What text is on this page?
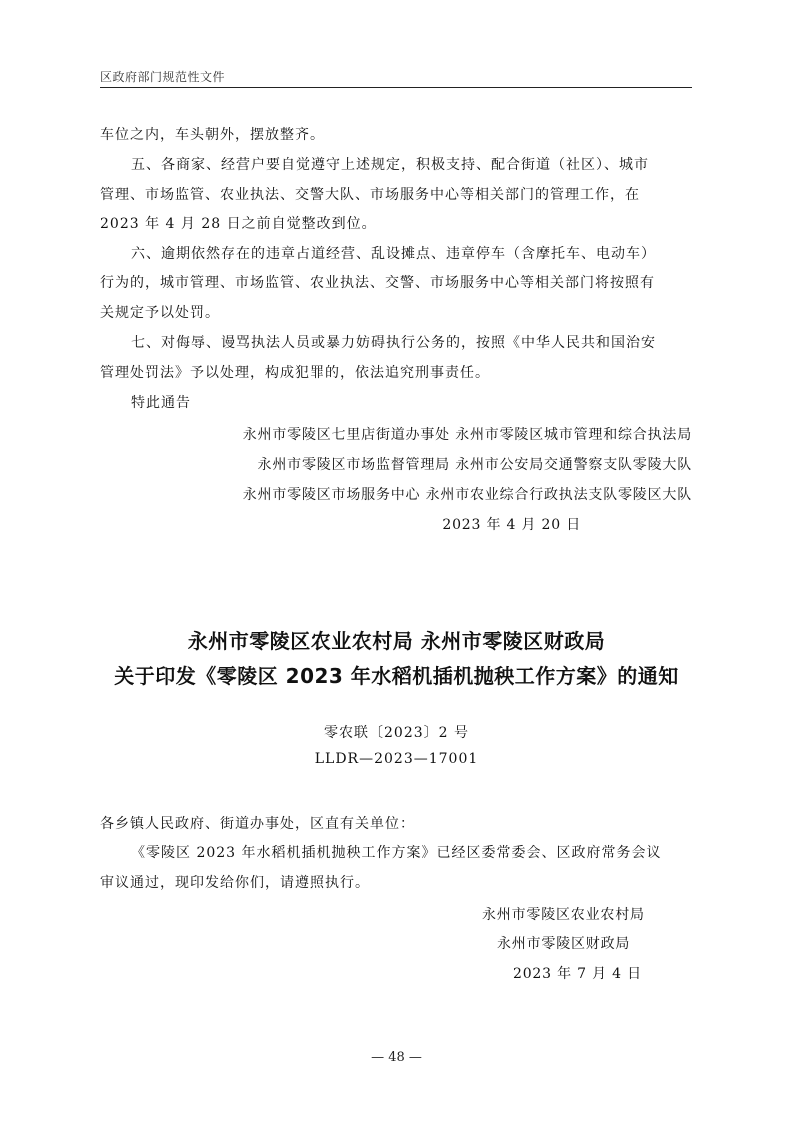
区政府部门规范性文件
车位之内，车头朝外，摆放整齐。
五、各商家、经营户要自觉遵守上述规定，积极支持、配合街道（社区）、城市
管理、市场监管、农业执法、交警大队、市场服务中心等相关部门的管理工作，在
2023 年 4 月 28 日之前自觉整改到位。
六、逾期依然存在的违章占道经营、乱设摊点、违章停车（含摩托车、电动车）
行为的，城市管理、市场监管、农业执法、交警、市场服务中心等相关部门将按照有
关规定予以处罚。
七、对侮辱、谩骂执法人员或暴力妨碍执行公务的，按照《中华人民共和国治安
管理处罚法》予以处理，构成犯罪的，依法追究刑事责任。
特此通告
永州市零陵区七里店街道办事处 永州市零陵区城市管理和综合执法局
永州市零陵区市场监督管理局 永州市公安局交通警察支队零陵大队
永州市零陵区市场服务中心 永州市农业综合行政执法支队零陵区大队
2023 年 4 月 20 日
永州市零陵区农业农村局 永州市零陵区财政局
关于印发《零陵区 2023 年水稻机插机抛秧工作方案》的通知
零农联〔2023〕2 号
LLDR—2023—17001
各乡镇人民政府、街道办事处，区直有关单位：
《零陵区 2023 年水稻机插机抛秧工作方案》已经区委常委会、区政府常务会议
审议通过，现印发给你们，请遵照执行。
永州市零陵区农业农村局
永州市零陵区财政局
2023 年 7 月 4 日
— 48 —
